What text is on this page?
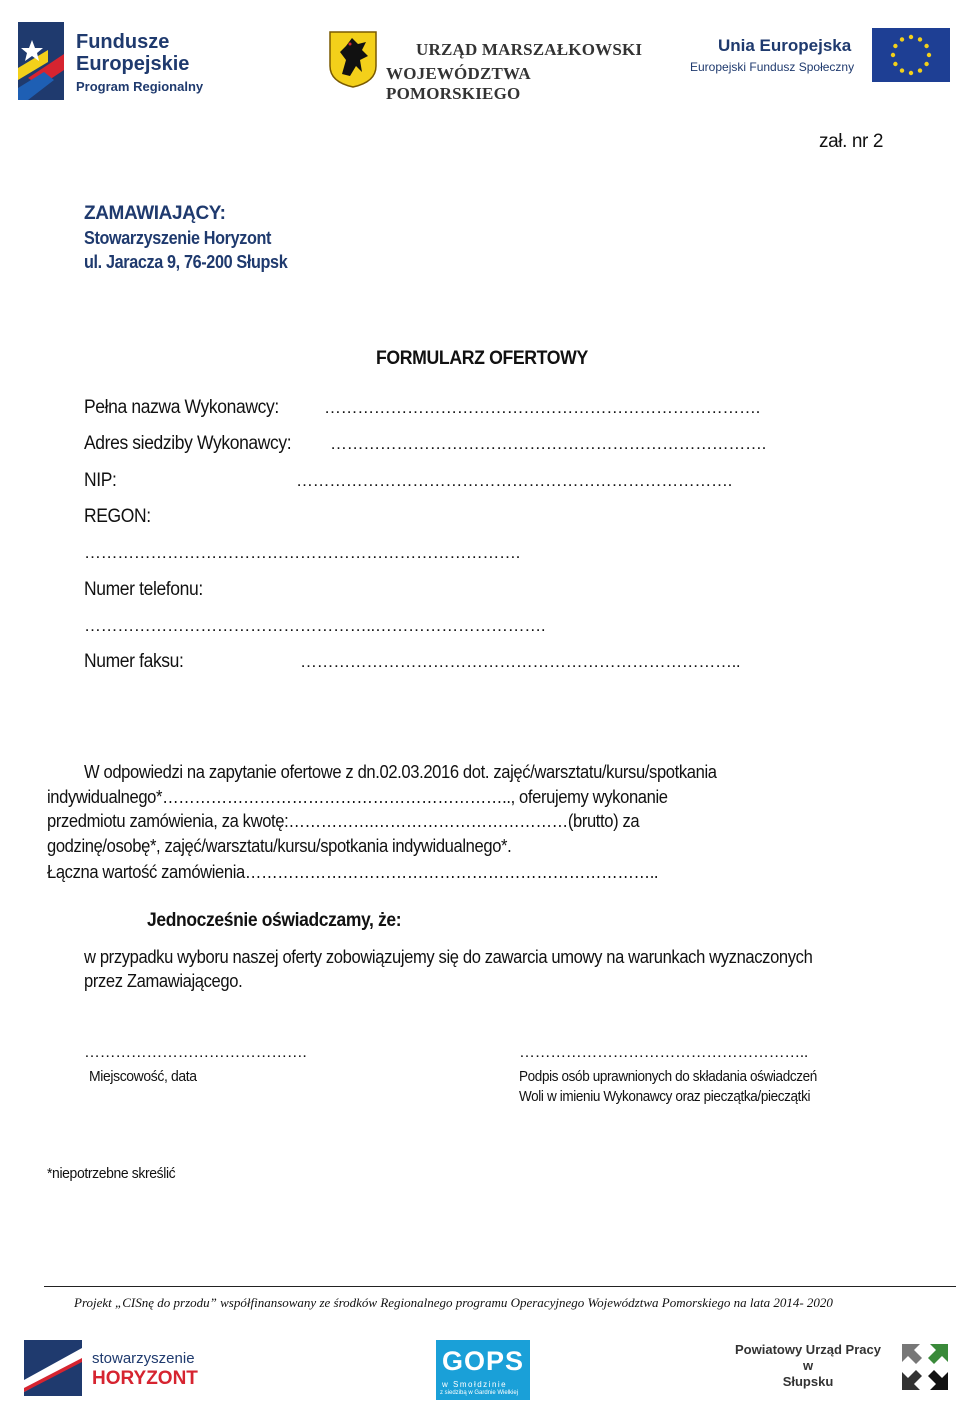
Fundusze
Europejskie
Program Regionalny
URZĄD MARSZAŁKOWSKI
WOJEWÓDZTWA POMORSKIEGO
Unia Europejska
Europejski Fundusz Społeczny
zał. nr 2
ZAMAWIAJĄCY:
Stowarzyszenie Horyzont
ul. Jaracza 9, 76-200 Słupsk
FORMULARZ OFERTOWY
Pełna nazwa Wykonawcy:	…………………………………………………………………….
Adres siedziby Wykonawcy: …………………………………………………………………….
NIP:	…………………………………………………………………….
REGON:
…………………………………………………………………….
Numer telefonu:
……………………………………………..………………………….
Numer faksu:	……………………………………………………………………..
W odpowiedzi na zapytanie ofertowe z dn.02.03.2016 dot. zajęć/warsztatu/kursu/spotkania
indywidualnego*……………………………………………………….., oferujemy wykonanie
przedmiotu zamówienia, za kwotę:…………….………………………………(brutto) za
godzinę/osobę*, zajęć/warsztatu/kursu/spotkania indywidualnego*.
Łączna wartość zamówienia…………………………………………………………………..
Jednocześnie oświadczamy, że:
w przypadku wyboru naszej oferty zobowiązujemy się do zawarcia umowy na warunkach wyznaczonych
przez Zamawiającego.
…………………………………….
Miejscowość, data
………………………………………………..
Podpis osób uprawnionych do składania oświadczeń
Woli w imieniu Wykonawcy oraz pieczątka/pieczątki
*niepotrzebne skreślić
Projekt „CISnę do przodu” współfinansowany ze środków Regionalnego programu Operacyjnego Województwa Pomorskiego na lata 2014- 2020
stowarzyszenie
HORYZONT
GOPS
w Smołdzinie
z siedzibą w Gardnie Wielkiej
Powiatowy Urząd Pracy
w
Słupsku
